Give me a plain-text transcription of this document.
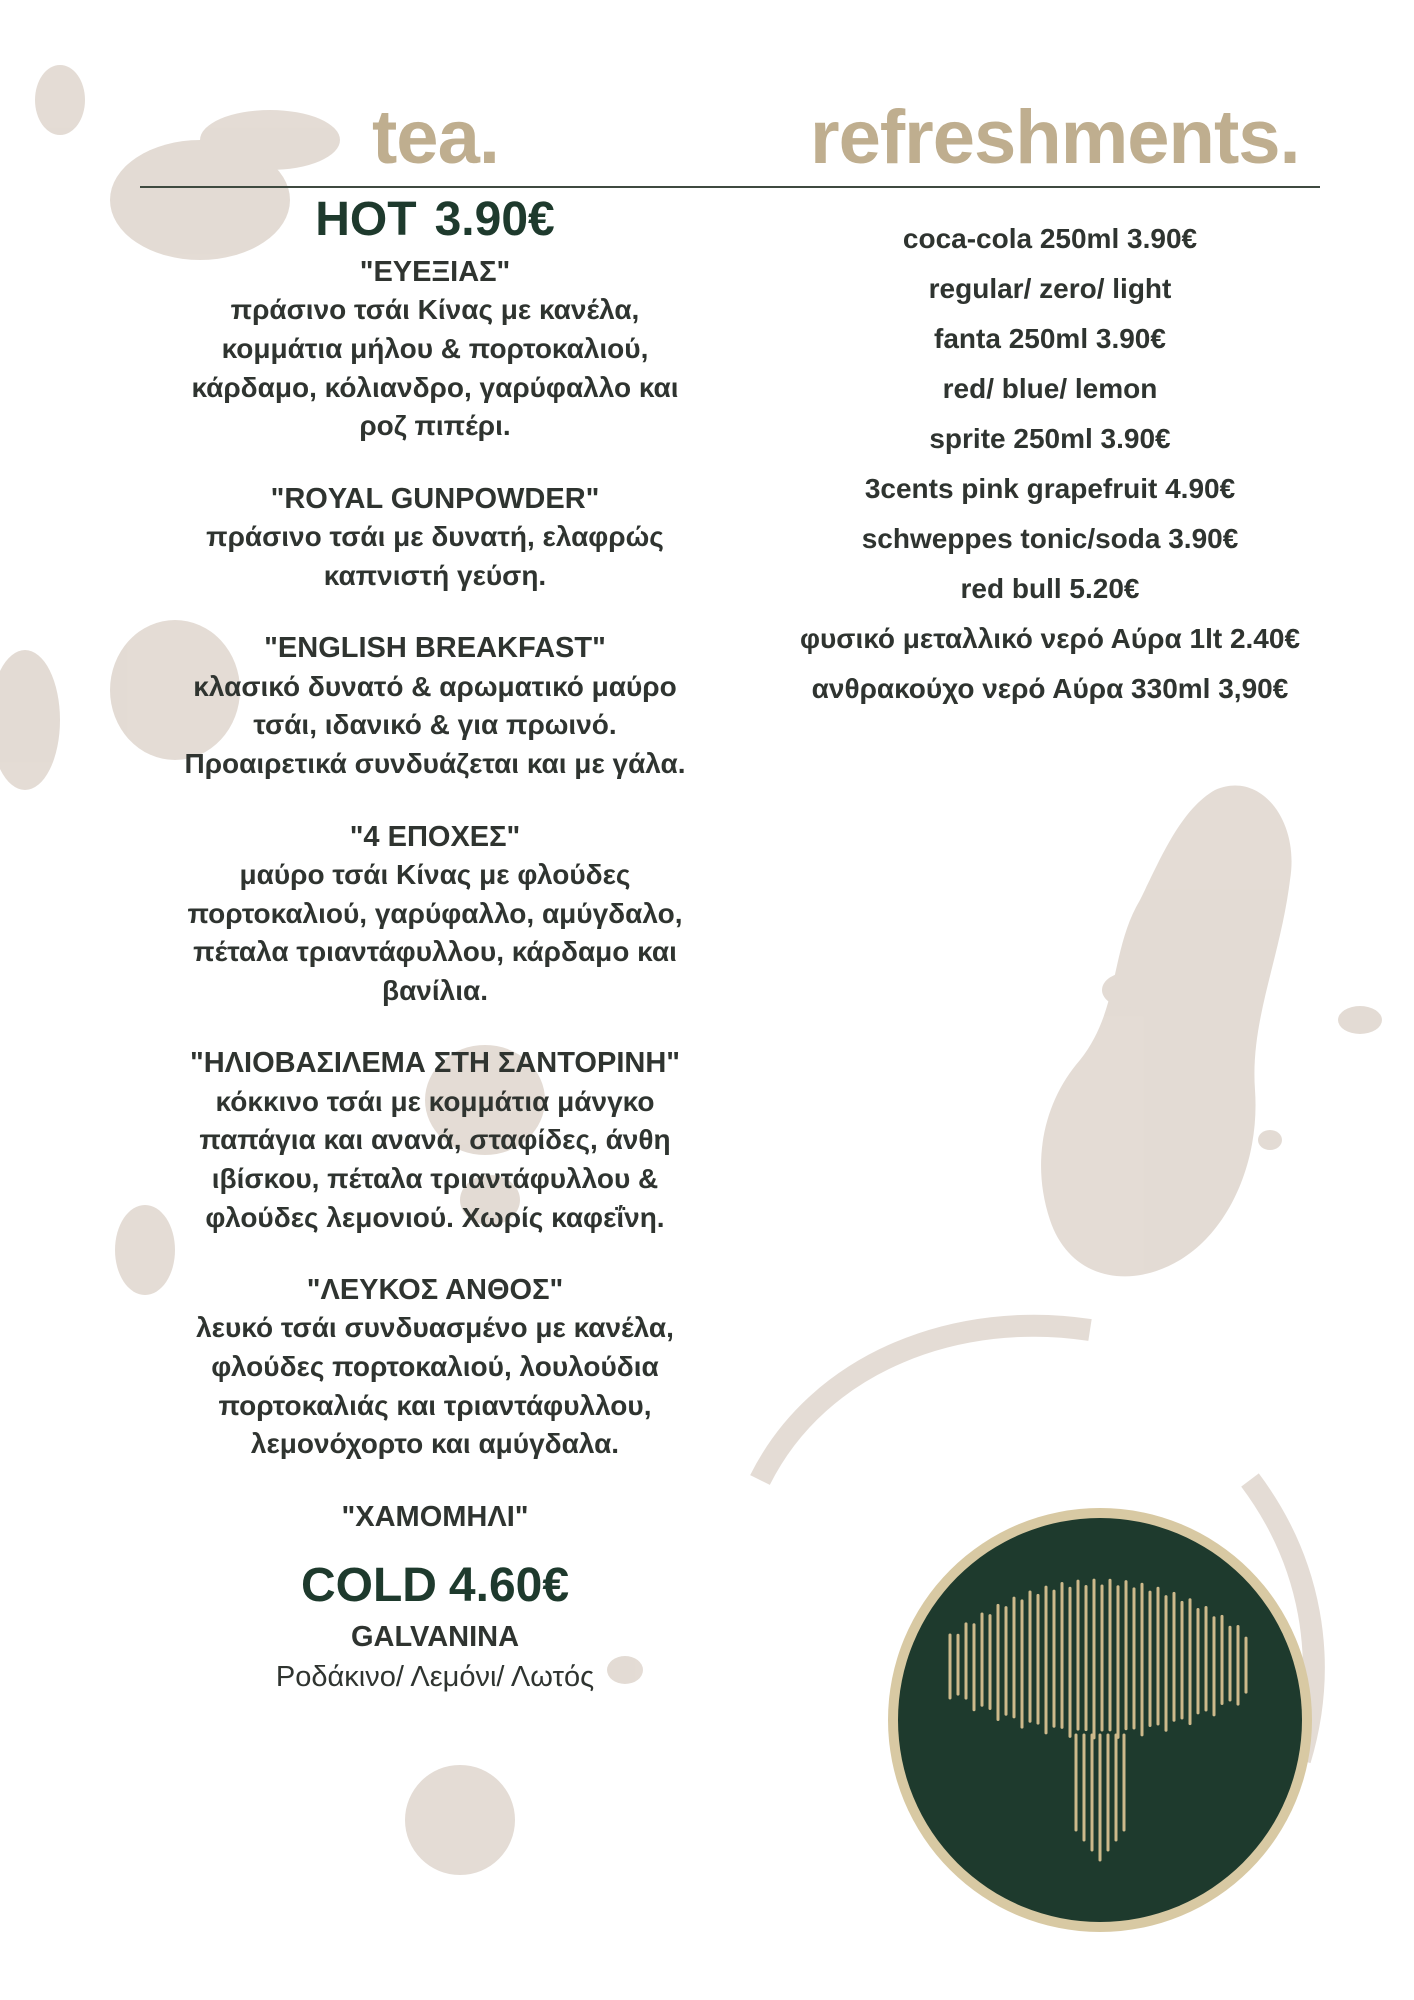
tea.	refreshments.
HOT 3.90€
"ΕΥΕΞΙΑΣ"
πράσινο τσάι Κίνας με κανέλα,
κομμάτια μήλου & πορτοκαλιού,
κάρδαμο, κόλιανδρο, γαρύφαλλο και
ροζ πιπέρι.
"ROYAL GUNPOWDER"
πράσινο τσάι με δυνατή, ελαφρώς
καπνιστή γεύση.
"ENGLISH BREAKFAST"
κλασικό δυνατό & αρωματικό μαύρο
τσάι, ιδανικό & για πρωινό.
Προαιρετικά συνδυάζεται και με γάλα.
"4 ΕΠΟΧΕΣ"
μαύρο τσάι Κίνας με φλούδες
πορτοκαλιού, γαρύφαλλο, αμύγδαλο,
πέταλα τριαντάφυλλου, κάρδαμο και
βανίλια.
"ΗΛΙΟΒΑΣΙΛΕΜΑ ΣΤΗ ΣΑΝΤΟΡΙΝΗ"
κόκκινο τσάι με κομμάτια μάνγκο
παπάγια και ανανά, σταφίδες, άνθη
ιβίσκου, πέταλα τριαντάφυλλου &
φλούδες λεμονιού. Χωρίς καφεΐνη.
"ΛΕΥΚΟΣ ΑΝΘΟΣ"
λευκό τσάι συνδυασμένο με κανέλα,
φλούδες πορτοκαλιού, λουλούδια
πορτοκαλιάς και τριαντάφυλλου,
λεμονόχορτο και αμύγδαλα.
"ΧΑΜΟΜΗΛΙ"
COLD 4.60€
GALVANINA
Ροδάκινο/ Λεμόνι/ Λωτός
coca-cola 250ml 3.90€
regular/ zero/ light
fanta 250ml 3.90€
red/ blue/ lemon
sprite 250ml 3.90€
3cents pink grapefruit 4.90€
schweppes tonic/soda 3.90€
red bull 5.20€
φυσικό μεταλλικό νερό Αύρα 1lt 2.40€
ανθρακούχο νερό Αύρα 330ml 3,90€
